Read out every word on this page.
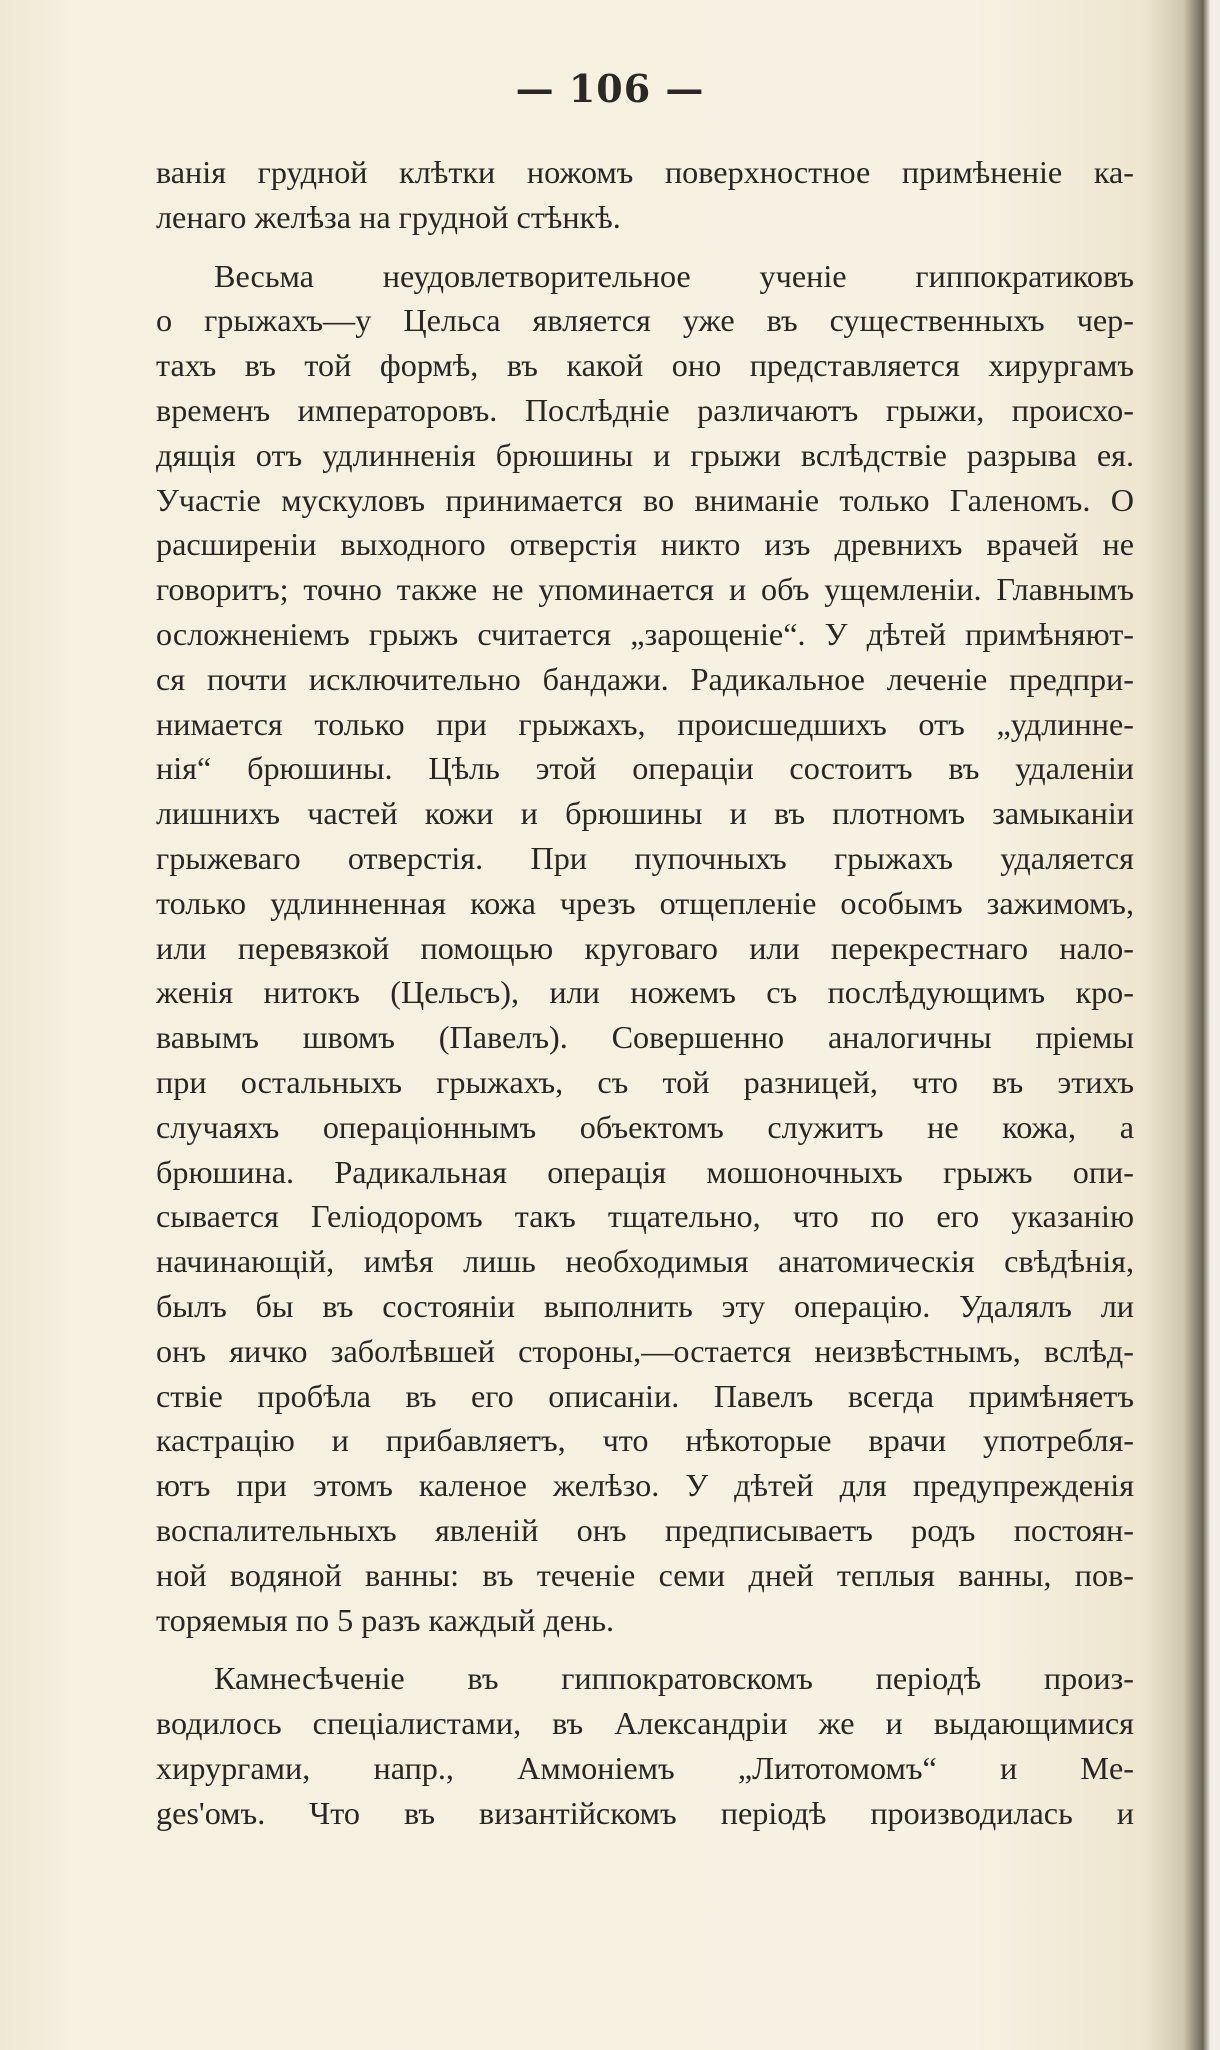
— 106 —
ванія грудной клѣтки ножомъ поверхностное примѣненіе ка-
ленаго желѣза на грудной стѣнкѣ.
Весьма неудовлетворительное ученіе гиппократиковъ
о грыжахъ—у Цельса является уже въ существенныхъ чер-
тахъ въ той формѣ, въ какой оно представляется хирургамъ
временъ императоровъ. Послѣдніе различаютъ грыжи, происхо-
дящія отъ удлинненія брюшины и грыжи вслѣдствіе разрыва ея.
Участіе мускуловъ принимается во вниманіе только Галеномъ. О
расширеніи выходного отверстія никто изъ древнихъ врачей не
говоритъ; точно также не упоминается и объ ущемленіи. Главнымъ
осложненіемъ грыжъ считается „зарощеніе“. У дѣтей примѣняют-
ся почти исключительно бандажи. Радикальное леченіе предпри-
нимается только при грыжахъ, происшедшихъ отъ „удлинне-
нія“ брюшины. Цѣль этой операціи состоитъ въ удаленіи
лишнихъ частей кожи и брюшины и въ плотномъ замыканіи
грыжеваго отверстія. При пупочныхъ грыжахъ удаляется
только удлинненная кожа чрезъ отщепленіе особымъ зажимомъ,
или перевязкой помощью круговаго или перекрестнаго нало-
женія нитокъ (Цельсъ), или ножемъ съ послѣдующимъ кро-
вавымъ швомъ (Павелъ). Совершенно аналогичны пріемы
при остальныхъ грыжахъ, съ той разницей, что въ этихъ
случаяхъ операціоннымъ объектомъ служитъ не кожа, а
брюшина. Радикальная операція мошоночныхъ грыжъ опи-
сывается Геліодоромъ такъ тщательно, что по его указанію
начинающій, имѣя лишь необходимыя анатомическія свѣдѣнія,
былъ бы въ состояніи выполнить эту операцію. Удалялъ ли
онъ яичко заболѣвшей стороны,—остается неизвѣстнымъ, вслѣд-
ствіе пробѣла въ его описаніи. Павелъ всегда примѣняетъ
кастрацію и прибавляетъ, что нѣкоторые врачи употребля-
ютъ при этомъ каленое желѣзо. У дѣтей для предупрежденія
воспалительныхъ явленій онъ предписываетъ родъ постоян-
ной водяной ванны: въ теченіе семи дней теплыя ванны, пов-
торяемыя по 5 разъ каждый день.
Камнесѣченіе въ гиппократовскомъ періодѣ произ-
водилось спеціалистами, въ Александріи же и выдающимися
хирургами, напр., Аммоніемъ „Литотомомъ“ и Me-
ges'омъ. Что въ византійскомъ періодѣ производилась и
